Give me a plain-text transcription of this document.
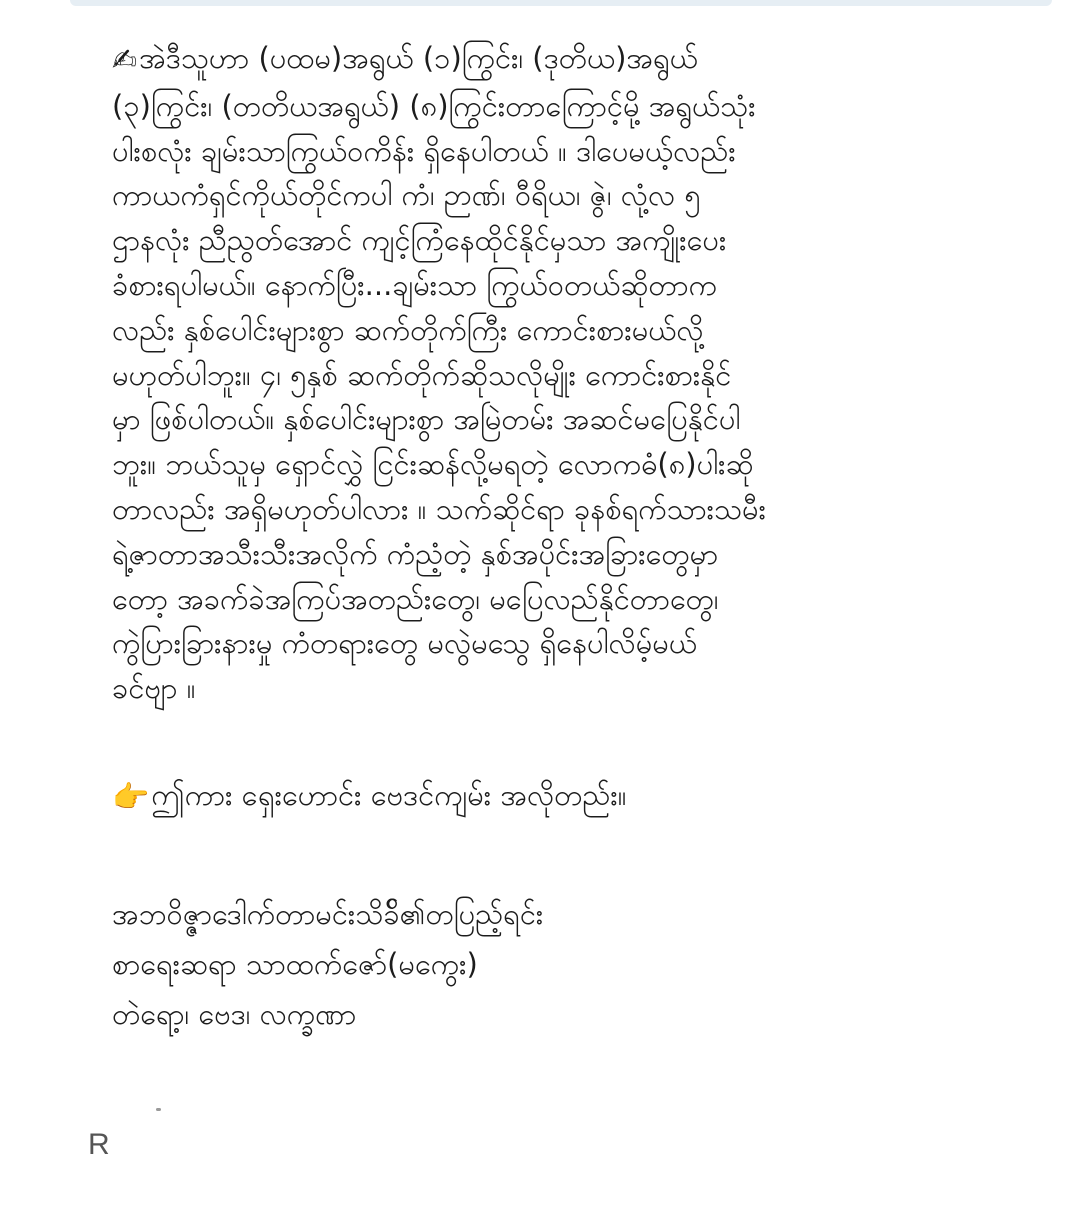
✍အဲဒီသူဟာ (ပထမ)အရွယ် (၁)ကြွင်း၊ (ဒုတိယ)အရွယ်
(၃)ကြွင်း၊ (တတိယအရွယ်) (၈)ကြွင်းတာကြောင့်မို့ အရွယ်သုံး
ပါးစလုံး ချမ်းသာကြွယ်ဝကိန်း ရှိနေပါတယ် ။ ဒါပေမယ့်လည်း
ကာယကံရှင်ကိုယ်တိုင်ကပါ ကံ၊ ဉာဏ်၊ ဝီရိယ၊ ဇွဲ၊ လုံ့လ ၅
ဌာနလုံး ညီညွတ်အောင် ကျင့်ကြံနေထိုင်နိုင်မှသာ အကျိုးပေး
ခံစားရပါမယ်။ နောက်ပြီး...ချမ်းသာ ကြွယ်ဝတယ်ဆိုတာက
လည်း နှစ်ပေါင်းများစွာ ဆက်တိုက်ကြီး ကောင်းစားမယ်လို့
မဟုတ်ပါဘူး။ ၄၊ ၅နှစ် ဆက်တိုက်ဆိုသလိုမျိုး ကောင်းစားနိုင်
မှာ ဖြစ်ပါတယ်။ နှစ်ပေါင်းများစွာ အမြဲတမ်း အဆင်မပြေနိုင်ပါ
ဘူး။ ဘယ်သူမှ ရှောင်လွှဲ ငြင်းဆန်လို့မရတဲ့ လောကဓံ(၈)ပါးဆို
တာလည်း အရှိမဟုတ်ပါလား ။ သက်ဆိုင်ရာ ခုနစ်ရက်သားသမီး
ရဲ့ဇာတာအသီးသီးအလိုက် ကံညံ့တဲ့ နှစ်အပိုင်းအခြားတွေမှာ
တော့ အခက်ခဲအကြပ်အတည်းတွေ၊ မပြေလည်နိုင်တာတွေ၊
ကွဲပြားခြားနားမှု ကံတရားတွေ မလွဲမသွေ ရှိနေပါလိမ့်မယ်
ခင်ဗျာ ။
👉ဤကား ရှေးဟောင်း ဗေဒင်ကျမ်း အလိုတည်း။
အဘဝိဇ္ဇာဒေါက်တာမင်းသိခ်ိ၏တပြည့်ရင်း
စာရေးဆရာ သာထက်ဇော်(မကွေး)
တဲရော့၊ ဗေဒ၊ လက္ခဏာ
R
